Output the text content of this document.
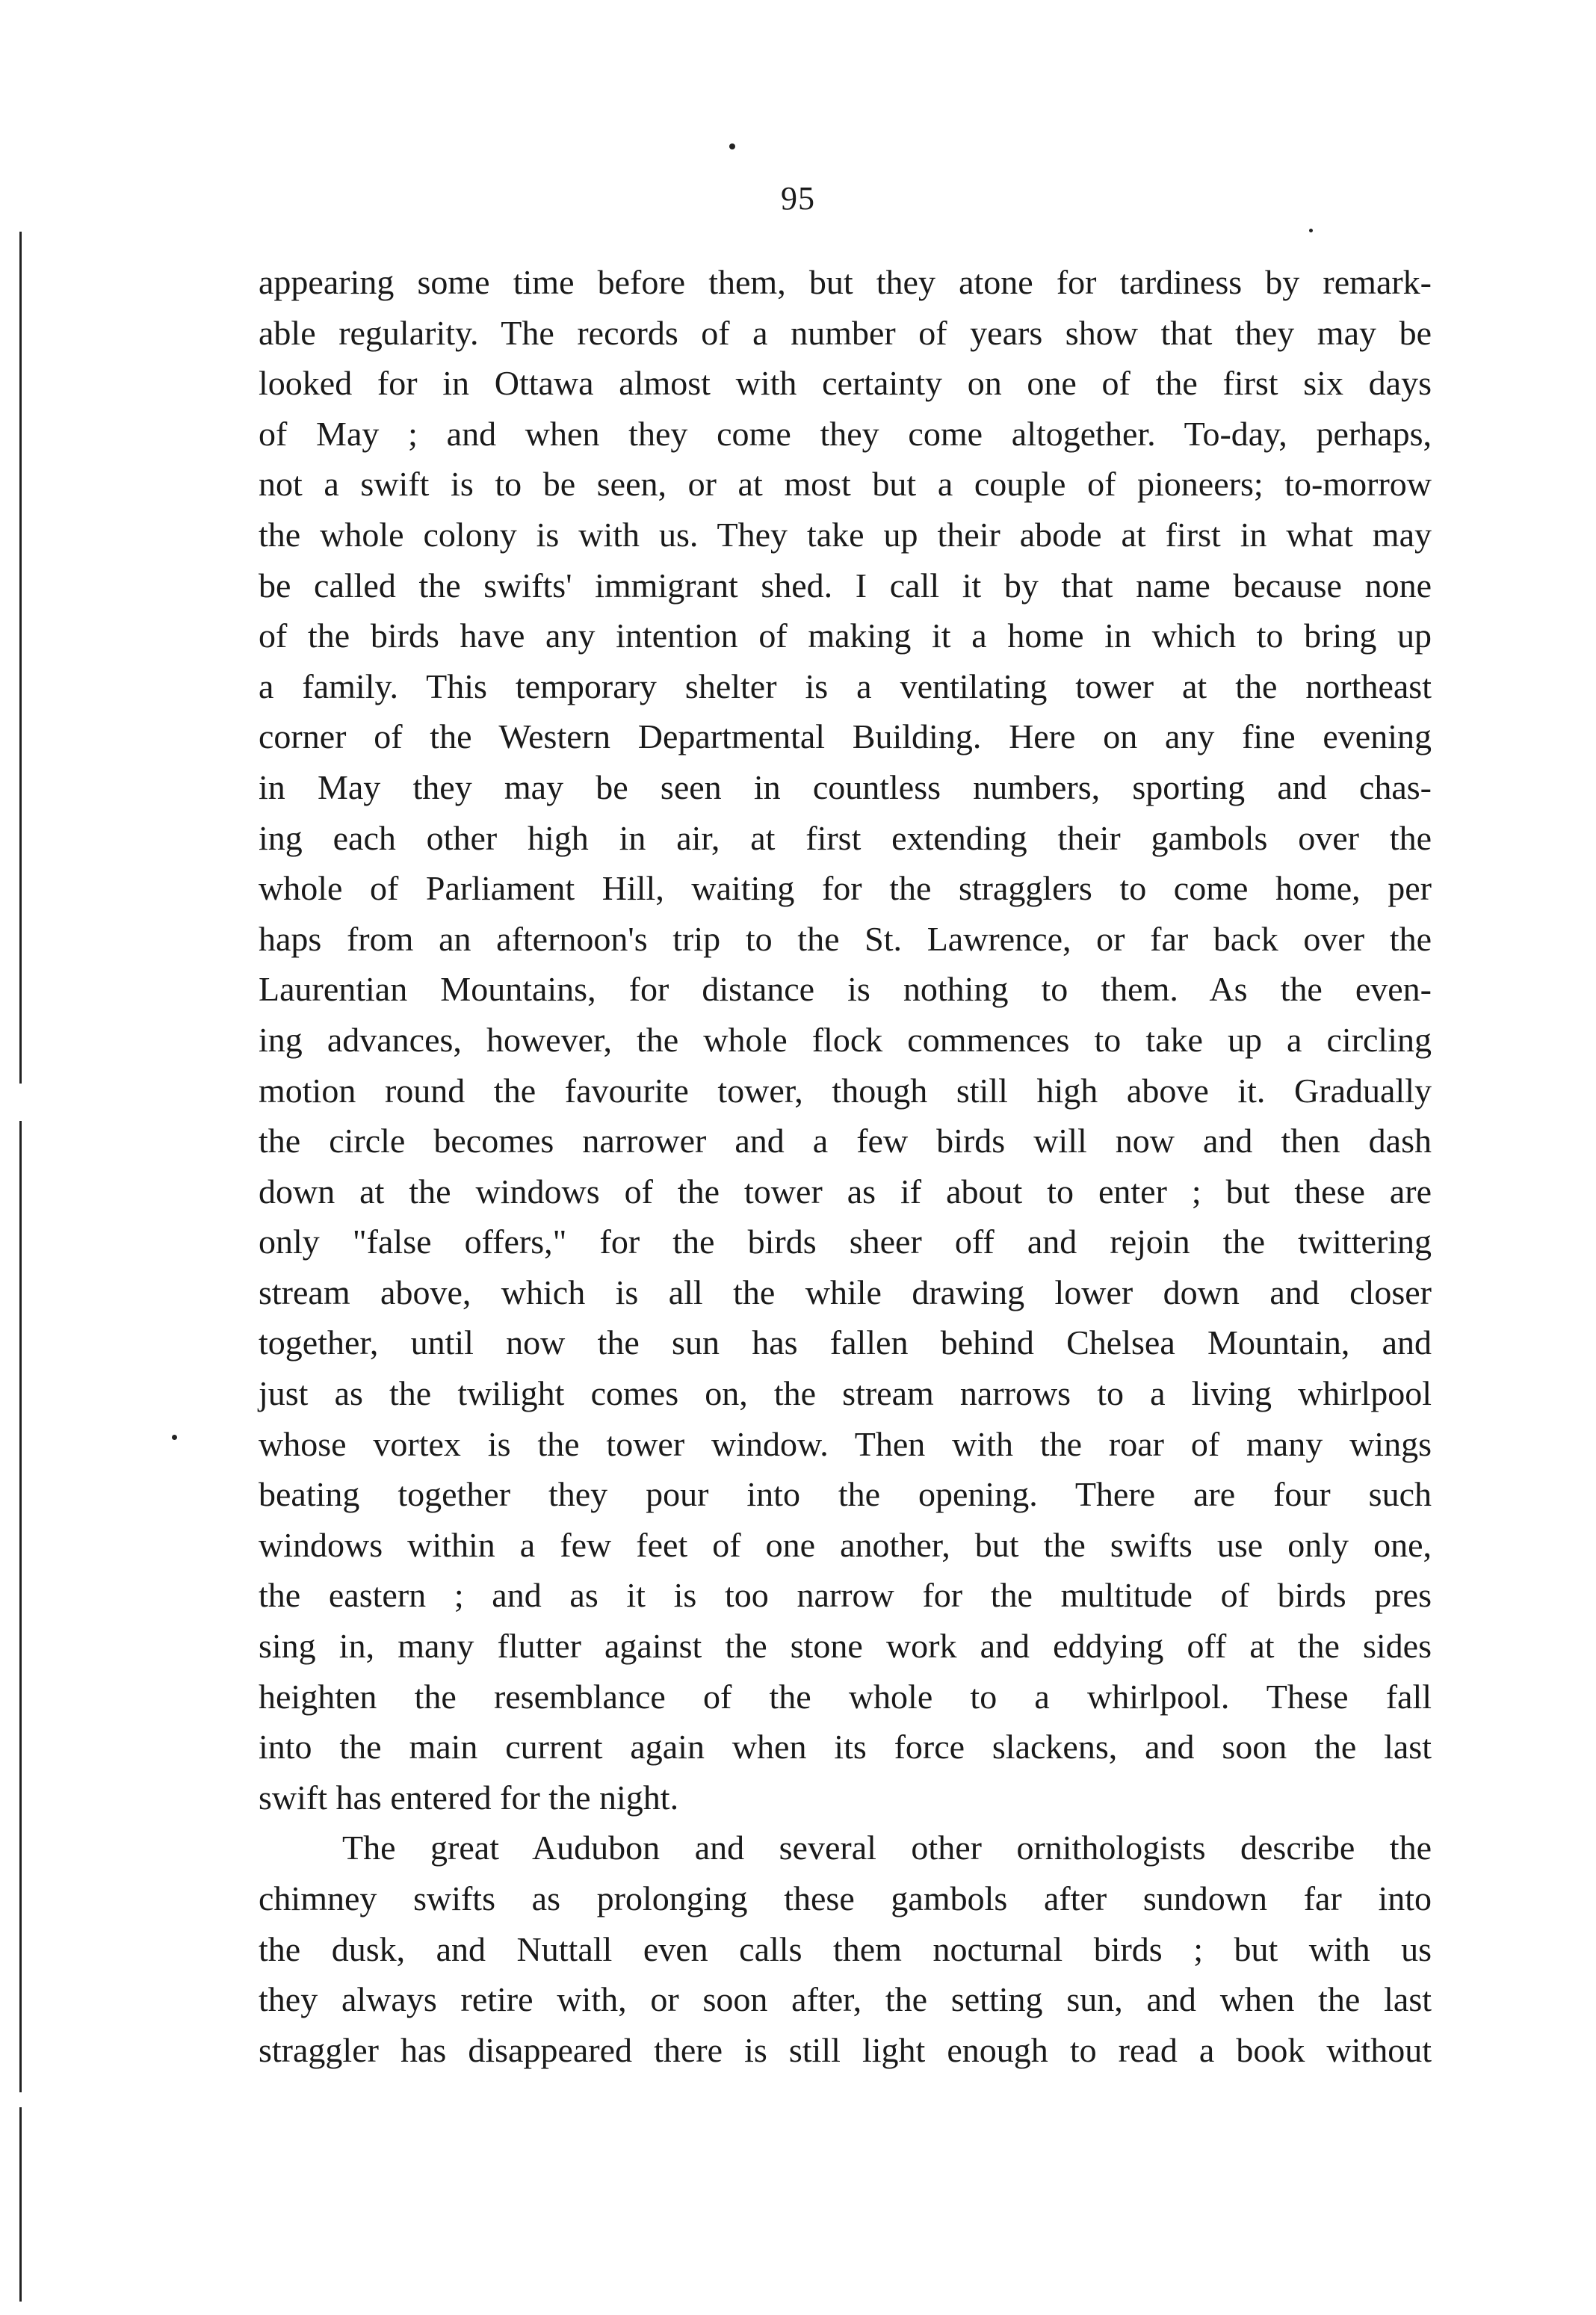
95
appearing some time before them, but they atone for tardiness by remark-
able regularity. The records of a number of years show that they may be
looked for in Ottawa almost with certainty on one of the first six days
of May ; and when they come they come altogether. To-day, perhaps,
not a swift is to be seen, or at most but a couple of pioneers; to-morrow
the whole colony is with us. They take up their abode at first in what may
be called the swifts' immigrant shed. I call it by that name because none
of the birds have any intention of making it a home in which to bring up
a family. This temporary shelter is a ventilating tower at the northeast
corner of the Western Departmental Building. Here on any fine evening
in May they may be seen in countless numbers, sporting and chas-
ing each other high in air, at first extending their gambols over the
whole of Parliament Hill, waiting for the stragglers to come home, per
haps from an afternoon's trip to the St. Lawrence, or far back over the
Laurentian Mountains, for distance is nothing to them. As the even-
ing advances, however, the whole flock commences to take up a circling
motion round the favourite tower, though still high above it. Gradually
the circle becomes narrower and a few birds will now and then dash
down at the windows of the tower as if about to enter ; but these are
only "false offers," for the birds sheer off and rejoin the twittering
stream above, which is all the while drawing lower down and closer
together, until now the sun has fallen behind Chelsea Mountain, and
just as the twilight comes on, the stream narrows to a living whirlpool
whose vortex is the tower window. Then with the roar of many wings
beating together they pour into the opening. There are four such
windows within a few feet of one another, but the swifts use only one,
the eastern ; and as it is too narrow for the multitude of birds pres
sing in, many flutter against the stone work and eddying off at the sides
heighten the resemblance of the whole to a whirlpool. These fall
into the main current again when its force slackens, and soon the last
swift has entered for the night.
The great Audubon and several other ornithologists describe the
chimney swifts as prolonging these gambols after sundown far into
the dusk, and Nuttall even calls them nocturnal birds ; but with us
they always retire with, or soon after, the setting sun, and when the last
straggler has disappeared there is still light enough to read a book without
